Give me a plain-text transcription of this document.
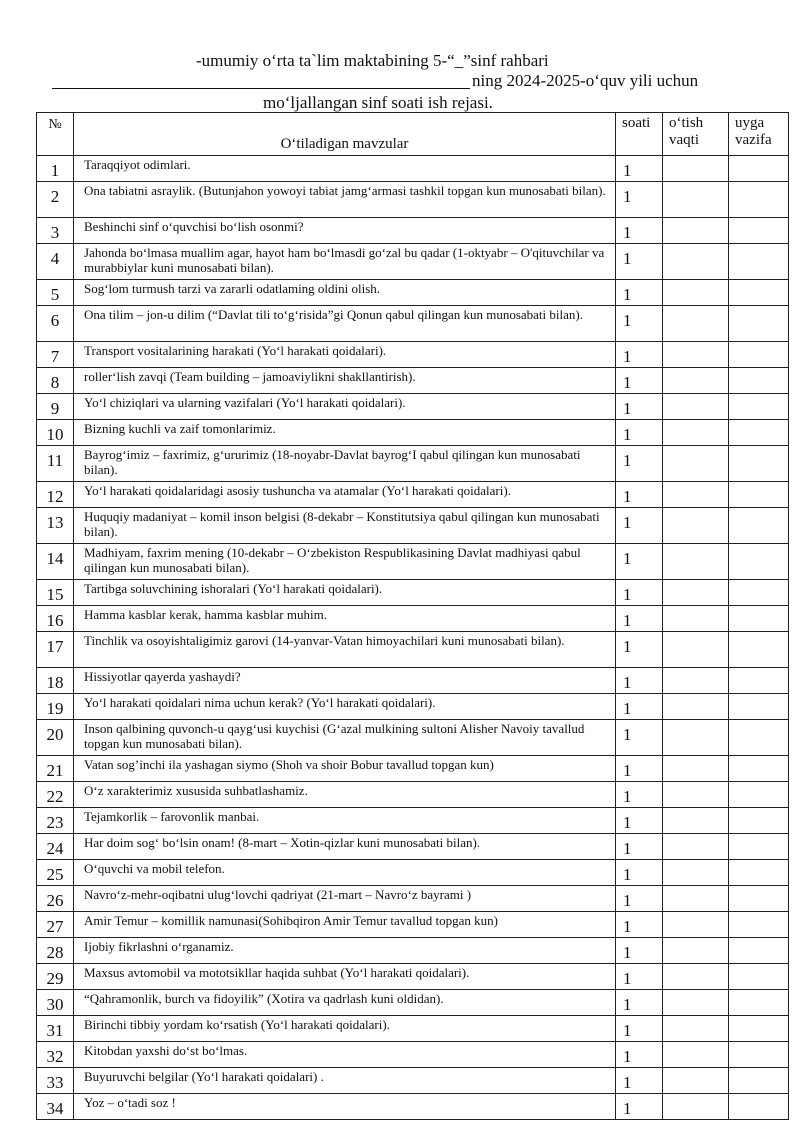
-umumiy o‘rta ta`lim maktabining 5-“_”sinf rahbari
ning 2024-2025-o‘quv yili uchun
mo‘ljallangan sinf soati ish rejasi.
№	O‘tiladigan mavzular	soati	o‘tish vaqti	uyga vazifa
1	Taraqqiyot odimlari.	1		
2	Ona tabiatni asraylik. (Butunjahon yowoyi tabiat jamg‘armasi tashkil topgan kun munosabati bilan).	1		
3	Beshinchi sinf o‘quvchisi bo‘lish osonmi?	1		
4	Jahonda bo‘lmasa muallim agar, hayot ham bo‘lmasdi go‘zal bu qadar (1-oktyabr – O'qituvchilar va murabbiylar kuni munosabati bilan).	1		
5	Sog‘lom turmush tarzi va zararli odatlaming oldini olish.	1		
6	Ona tilim – jon-u dilim (“Davlat tili to‘g‘risida”gi Qonun qabul qilingan kun munosabati bilan).	1		
7	Transport vositalarining harakati (Yo‘l harakati qoidalari).	1		
8	roller‘lish zavqi (Team building – jamoaviylikni shakllantirish).	1		
9	Yo‘l chiziqlari va ularning vazifalari (Yo‘l harakati qoidalari).	1		
10	Bizning kuchli va zaif tomonlarimiz.	1		
11	Bayrog‘imiz – faxrimiz, g‘ururimiz (18-noyabr-Davlat bayrog‘I qabul qilingan kun munosabati bilan).	1		
12	Yo‘l harakati qoidalaridagi asosiy tushuncha va atamalar (Yo‘l harakati qoidalari).	1		
13	Huquqiy madaniyat – komil inson belgisi (8-dekabr – Konstitutsiya qabul qilingan kun munosabati bilan).	1		
14	Madhiyam, faxrim mening (10-dekabr – O‘zbekiston Respublikasining Davlat madhiyasi qabul qilingan kun munosabati bilan).	1		
15	Tartibga soluvchining ishoralari (Yo‘l harakati qoidalari).	1		
16	Hamma kasblar kerak, hamma kasblar muhim.	1		
17	Tinchlik va osoyishtaligimiz garovi (14-yanvar-Vatan himoyachilari kuni munosabati bilan).	1		
18	Hissiyotlar qayerda yashaydi?	1		
19	Yo‘l harakati qoidalari nima uchun kerak? (Yo‘l harakati qoidalari).	1		
20	Inson qalbining quvonch-u qayg‘usi kuychisi (G‘azal mulkining sultoni Alisher Navoiy tavallud topgan kun munosabati bilan).	1		
21	Vatan sog’inchi ila yashagan siymo (Shoh va shoir Bobur tavallud topgan kun)	1		
22	O‘z xarakterimiz xususida suhbatlashamiz.	1		
23	Tejamkorlik – farovonlik manbai.	1		
24	Har doim sog‘ bo‘lsin onam! (8-mart – Xotin-qizlar kuni munosabati bilan).	1		
25	O‘quvchi va mobil telefon.	1		
26	Navro‘z-mehr-oqibatni ulug‘lovchi qadriyat (21-mart – Navro‘z bayrami )	1		
27	Amir Temur – komillik namunasi(Sohibqiron Amir Temur tavallud topgan kun)	1		
28	Ijobiy fikrlashni o‘rganamiz.	1		
29	Maxsus avtomobil va mototsikllar haqida suhbat (Yo‘l harakati qoidalari).	1		
30	“Qahramonlik, burch va fidoyilik” (Xotira va qadrlash kuni oldidan).	1		
31	Birinchi tibbiy yordam ko‘rsatish (Yo‘l harakati qoidalari).	1		
32	Kitobdan yaxshi do‘st bo‘lmas.	1		
33	Buyuruvchi belgilar (Yo‘l harakati qoidalari) .	1		
34	Yoz – o‘tadi soz !	1		
